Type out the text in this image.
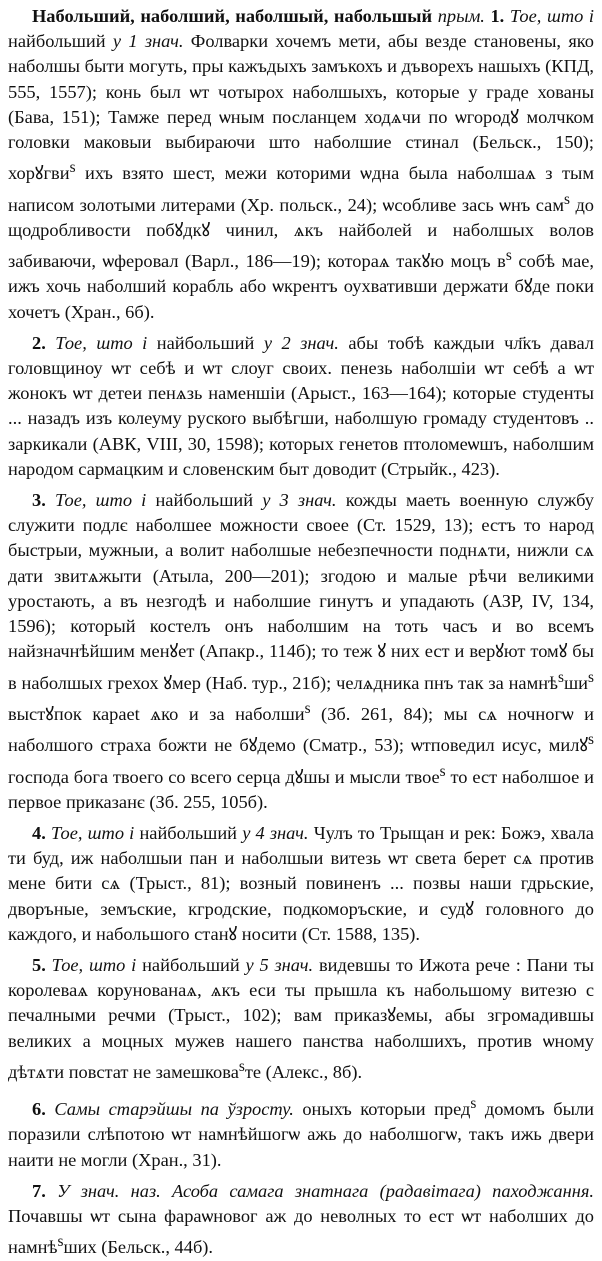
Набольший, наболший, наболшый, набольшый прым. 1. Тое, што і найбольший у 1 знач. Фолварки хочемъ мети, абы везде становены, яко наболшы быти могуть, пры кажъдыхъ замъкохъ и дъворехъ нашыхъ (КПД, 555, 1557); конь был ѡт чотырох наболшыхъ, которые у граде хованы (Бава, 151); Тамже перед ѡным посланцем ходѧчи по ѡгородꙋ молчком головки маковыи выбираючи што наболшие стинал (Бельск., 150); хорꙋгви$^s$ ихъ взято шест, межи которими ѡдна была наболшаѧ з тым написом золотыми литерами (Хр. польск., 24); ѡсобливе зась ѡнъ сам$^s$ до щодробливости побꙋдкꙋ чинил, ѧкъ найболей и наболшых волов забиваючи, ѡферовал (Варл., 186—19); котораѧ такꙋю моцъ $в^s$ собѣ мае, ижъ хочь наболший корабль або ѡкрентъ оухвативши держати бꙋде поки хочетъ (Хран., 6б).

2. Тое, што і найбольший у 2 знач. абы тобѣ каждыи чл҃къ давал головщиноу ѡт себѣ и ѡт слоуг своих. пенезь наболшіи ѡт себѣ а ѡт жонокъ ѡт детеи пенѧзь наменшіи (Арыст., 163—164); которые студенты ... назадъ изъ колеуму рускоrо выбѣгши, наболшую громаду студентовъ .. заркикали (АВК, VIII, 30, 1598); которых генетов птоломеѡшъ, наболшим народом сармацким и словенским быт доводит (Стрыйк., 423).

3. Тое, што і найбольший у 3 знач. кожды маеть военную службу служити подлє наболшее можности своее (Ст. 1529, 13); естъ то народ быстрыи, мужныи, а волит наболшые небезпечности поднѧти, нижли сѧ дати звитѧжыти (Атыла, 200—201); згодою и малые рѣчи великими уростають, а въ незгодѣ и наболшие гинутъ и упадають (АЗР, IV, 134, 1596); который костелъ онъ наболшим на тоть часъ и во всемъ найзначнѣйшим менꙋет (Апакр., 114б); то теж ꙋ них ест и верꙋют томꙋ бы в наболшых грехох ꙋмер (Наб. тур., 21б); челѧдника пнъ так за $намнѣ^sши^s$ выстꙋпок караеt ѧко и за наболши$^s$ (Зб. 261, 84); мы сѧ ночногѡ и наболшого страха божти не бꙋдемо (Сматр., 53); ѡтповедил исус, милꙋ$^s$ господа бога твоего со всего серца дꙋшы и мысли твое$^s$ то ест наболшое и первое приказанє (Зб. 255, 105б).

4. Тое, што і найбольший у 4 знач. Чулъ то Трыщан и рек: Божэ, хвала ти буд, иж наболшыи пан и наболшыи витезь ѡт света берет сѧ против мене бити сѧ (Трыст., 81); возный повиненъ ... позвы наши гдрьские, дворъные, земъские, кгродские, подкоморъские, и судꙋ головного до каждого, и набольшого станꙋ носити (Ст. 1588, 135).

5. Тое, што і найбольший у 5 знач. видевшы то Ижота рече : Пани ты королеваѧ корунованаѧ, ѧкъ еси ты прышла къ набольшому витезю с печалными речми (Трыст., 102); вам приказꙋемы, абы згромадившы великих а моцных мужев нашего панства наболшихъ, против ѡному дѣтѧти повстат не замешкова$^s$те (Алекс., 8б).

6. Самы старэйшы па ўзросту. оныхъ которыи пред$^s$ домомъ были поразили слѣпотою ѡт намнѣйшогѡ ажь до наболшогѡ, такъ ижь двери наити не могли (Хран., 31).

7. У знач. наз. Асоба самага знатнага (радавітага) паходжання. Почавшы ѡт сына фараѡновог аж до неволных то ест ѡт наболших до намнѣ$^s$ших (Бельск., 44б).
